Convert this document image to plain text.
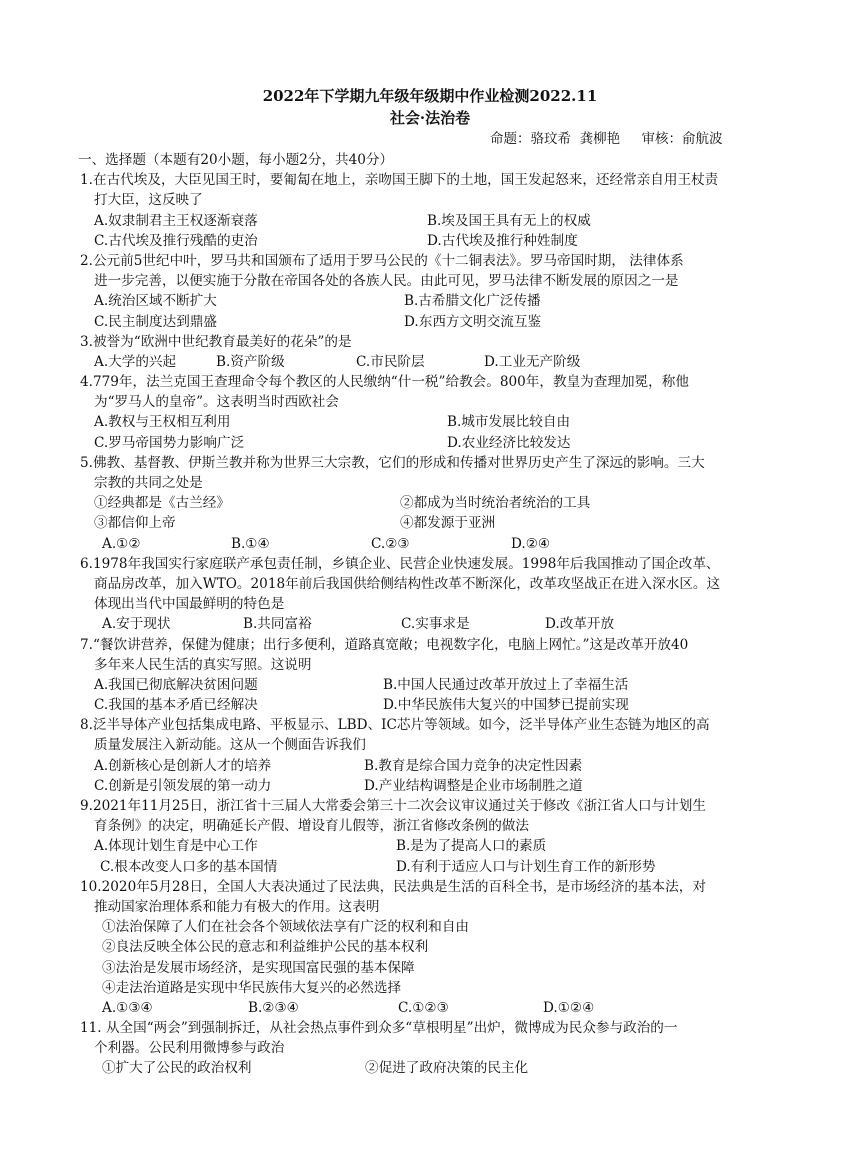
2022年下学期九年级年级期中作业检测2022.11
社会·法治卷
命题：骆玟希  龚柳艳     审核：俞航波
一、选择题（本题有20小题，每小题2分，共40分）
1.在古代埃及，大臣见国王时，要匍匐在地上，亲吻国王脚下的土地，国王发起怒来，还经常亲自用王杖责
打大臣，这反映了
A.奴隶制君主王权逐渐衰落	B.埃及国王具有无上的权威
C.古代埃及推行残酷的吏治	D.古代埃及推行种姓制度
2.公元前5世纪中叶，罗马共和国颁布了适用于罗马公民的《十二铜表法》。罗马帝国时期， 法律体系
进一步完善，以便实施于分散在帝国各处的各族人民。由此可见，罗马法律不断发展的原因之一是
A.统治区域不断扩大	B.古希腊文化广泛传播
C.民主制度达到鼎盛	D.东西方文明交流互鉴
3.被誉为“欧洲中世纪教育最美好的花朵”的是
A.大学的兴起	B.资产阶级	C.市民阶层	D.工业无产阶级
4.779年，法兰克国王查理命令每个教区的人民缴纳“什一税”给教会。800年，教皇为查理加冕，称他
为“罗马人的皇帝”。这表明当时西欧社会
A.教权与王权相互利用	B.城市发展比较自由
C.罗马帝国势力影响广泛	D.农业经济比较发达
5.佛教、基督教、伊斯兰教并称为世界三大宗教，它们的形成和传播对世界历史产生了深远的影响。三大
宗教的共同之处是
①经典都是《古兰经》	②都成为当时统治者统治的工具
③都信仰上帝	④都发源于亚洲
A.①②	B.①④	C.②③	D.②④
6.1978年我国实行家庭联产承包责任制，乡镇企业、民营企业快速发展。1998年后我国推动了国企改革、
商品房改革，加入WTO。2018年前后我国供给侧结构性改革不断深化，改革攻坚战正在进入深水区。这
体现出当代中国最鲜明的特色是
A.安于现状	B.共同富裕	C.实事求是	D.改革开放
7.“餐饮讲营养，保健为健康；出行多便利，道路真宽敞；电视数字化，电脑上网忙。”这是改革开放40
多年来人民生活的真实写照。这说明
A.我国已彻底解决贫困问题	B.中国人民通过改革开放过上了幸福生活
C.我国的基本矛盾已经解决	D.中华民族伟大复兴的中国梦已提前实现
8.泛半导体产业包括集成电路、平板显示、LBD、IC芯片等领域。如今，泛半导体产业生态链为地区的高
质量发展注入新动能。这从一个侧面告诉我们
A.创新核心是创新人才的培养	B.教育是综合国力竞争的决定性因素
C.创新是引领发展的第一动力	D.产业结构调整是企业市场制胜之道
9.2021年11月25日，浙江省十三届人大常委会第三十二次会议审议通过关于修改《浙江省人口与计划生
育条例》的决定，明确延长产假、增设育儿假等，浙江省修改条例的做法
A.体现计划生育是中心工作	B.是为了提高人口的素质
C.根本改变人口多的基本国情	D.有利于适应人口与计划生育工作的新形势
10.2020年5月28日，全国人大表决通过了民法典，民法典是生活的百科全书，是市场经济的基本法，对
推动国家治理体系和能力有极大的作用。这表明
①法治保障了人们在社会各个领域依法享有广泛的权利和自由
②良法反映全体公民的意志和利益维护公民的基本权利
③法治是发展市场经济，是实现国富民强的基本保障
④走法治道路是实现中华民族伟大复兴的必然选择
A.①③④	B.②③④	C.①②③	D.①②④
11. 从全国“两会”到强制拆迁，从社会热点事件到众多“草根明星”出炉，微博成为民众参与政治的一
个利器。公民利用微博参与政治
①扩大了公民的政治权利	②促进了政府决策的民主化
